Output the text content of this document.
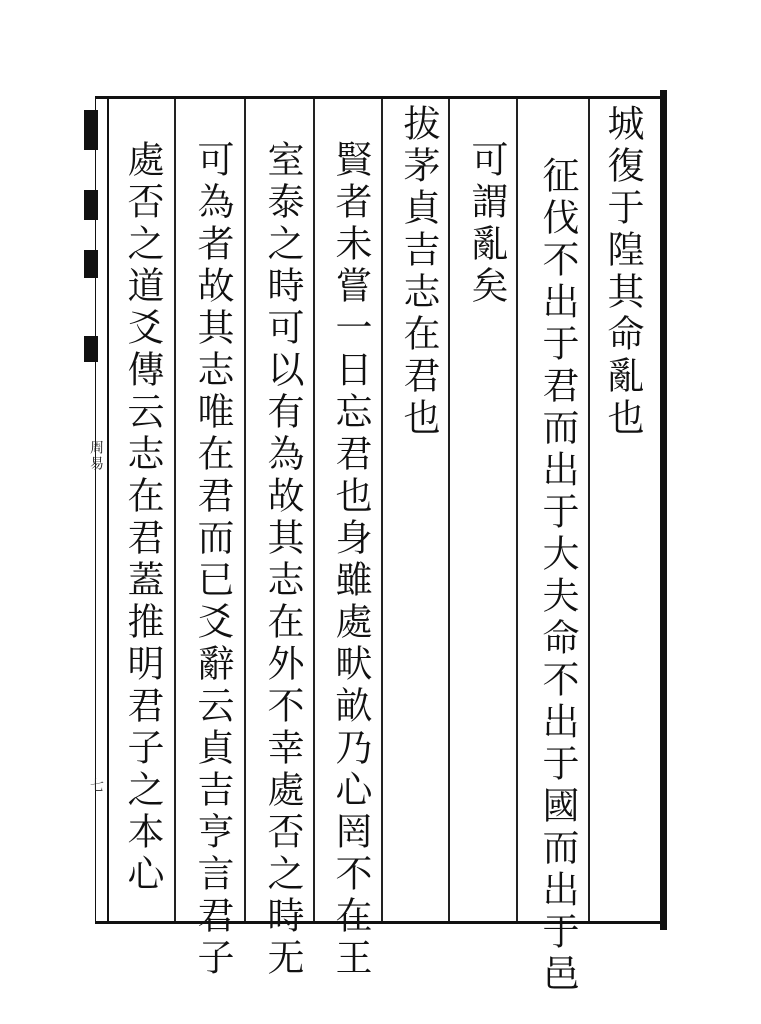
周易
七
城復于隍其命亂也
征伐不出于君而出于大夫命不出于國而出于邑
可謂亂矣
拔茅貞吉志在君也
賢者未嘗一日忘君也身雖處畎畝乃心罔不在王
室泰之時可以有為故其志在外不幸處否之時无
可為者故其志唯在君而已爻辭云貞吉亨言君子
處否之道爻傳云志在君蓋推明君子之本心
